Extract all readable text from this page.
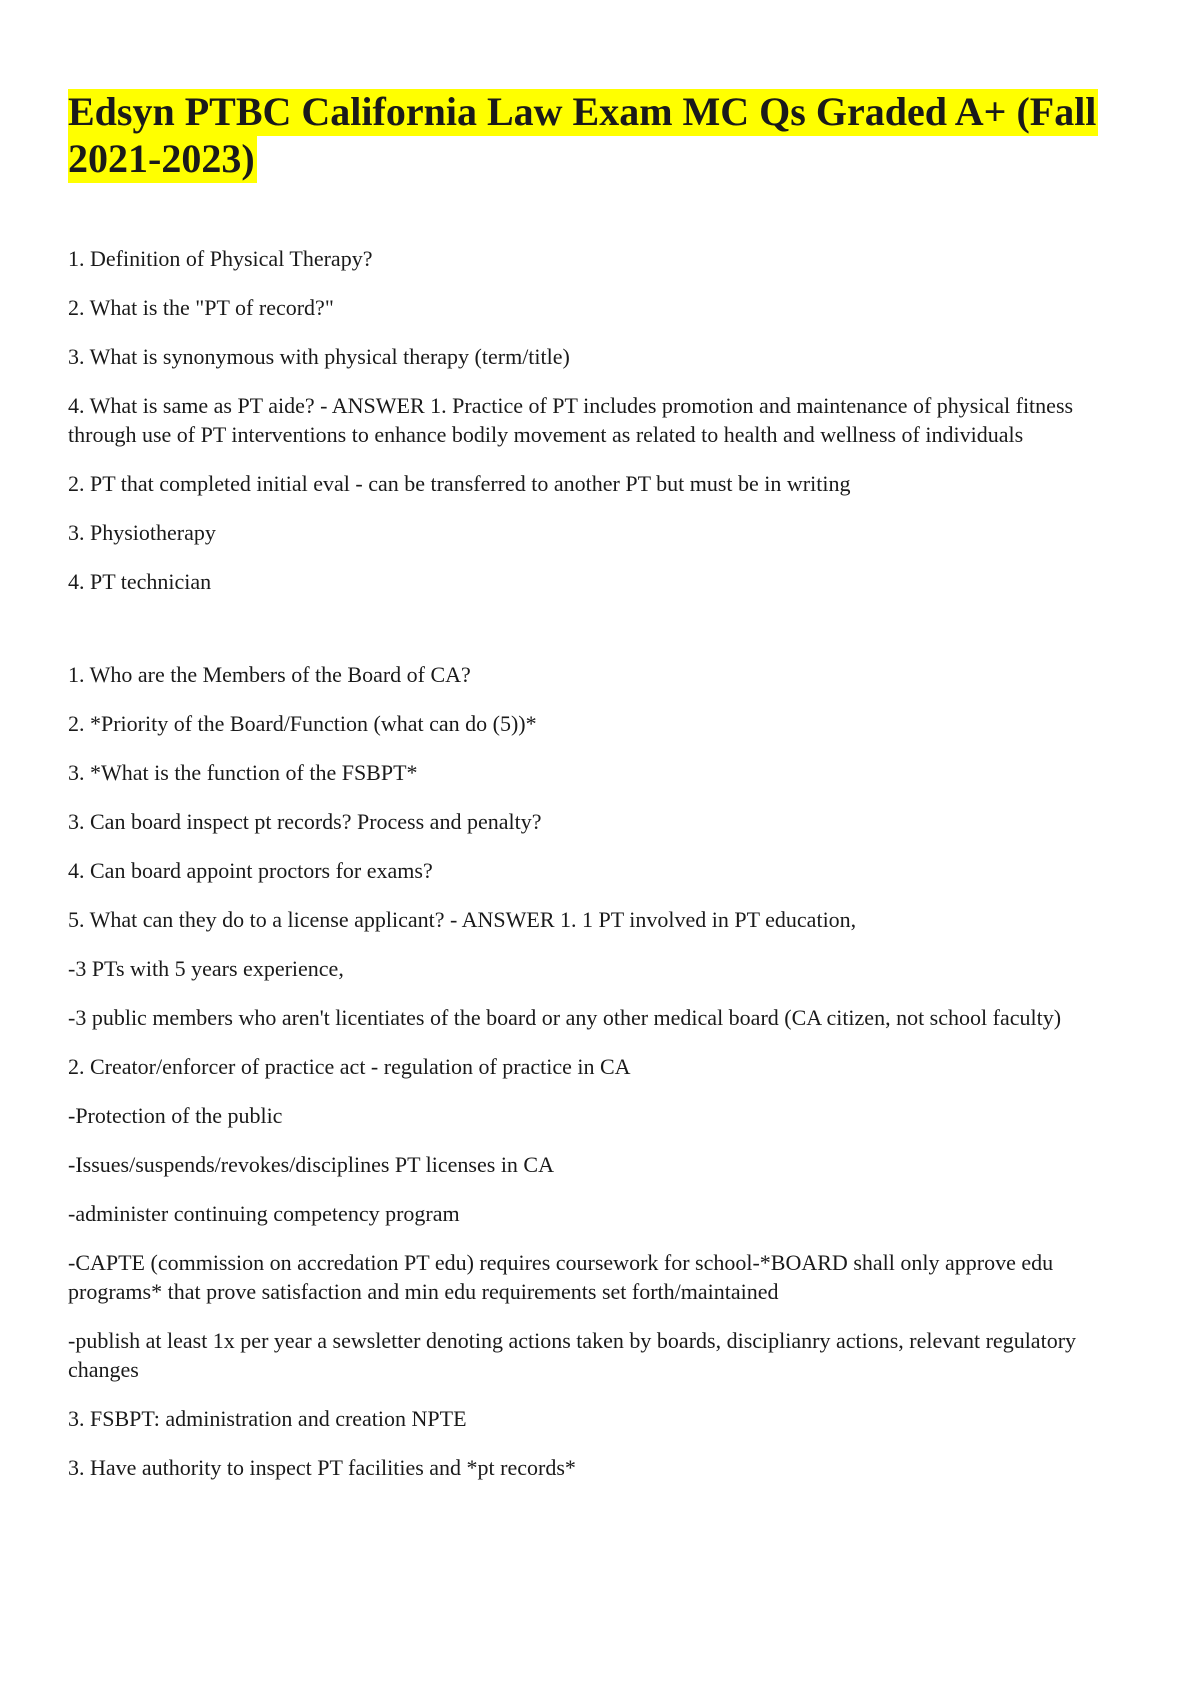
Edsyn PTBC California Law Exam MC Qs Graded A+ (Fall 2021-2023)

1. Definition of Physical Therapy?

2. What is the "PT of record?"

3. What is synonymous with physical therapy (term/title)

4. What is same as PT aide? - ANSWER 1. Practice of PT includes promotion and maintenance of physical fitness through use of PT interventions to enhance bodily movement as related to health and wellness of individuals

2. PT that completed initial eval - can be transferred to another PT but must be in writing

3. Physiotherapy

4. PT technician

1. Who are the Members of the Board of CA?

2. *Priority of the Board/Function (what can do (5))*

3. *What is the function of the FSBPT*

3. Can board inspect pt records? Process and penalty?

4. Can board appoint proctors for exams?

5. What can they do to a license applicant? - ANSWER 1. 1 PT involved in PT education,

-3 PTs with 5 years experience,

-3 public members who aren't licentiates of the board or any other medical board (CA citizen, not school faculty)

2. Creator/enforcer of practice act - regulation of practice in CA

-Protection of the public

-Issues/suspends/revokes/disciplines PT licenses in CA

-administer continuing competency program

-CAPTE (commission on accredation PT edu) requires coursework for school-*BOARD shall only approve edu programs* that prove satisfaction and min edu requirements set forth/maintained

-publish at least 1x per year a sewsletter denoting actions taken by boards, disciplianry actions, relevant regulatory changes

3. FSBPT: administration and creation NPTE

3. Have authority to inspect PT facilities and *pt records*
